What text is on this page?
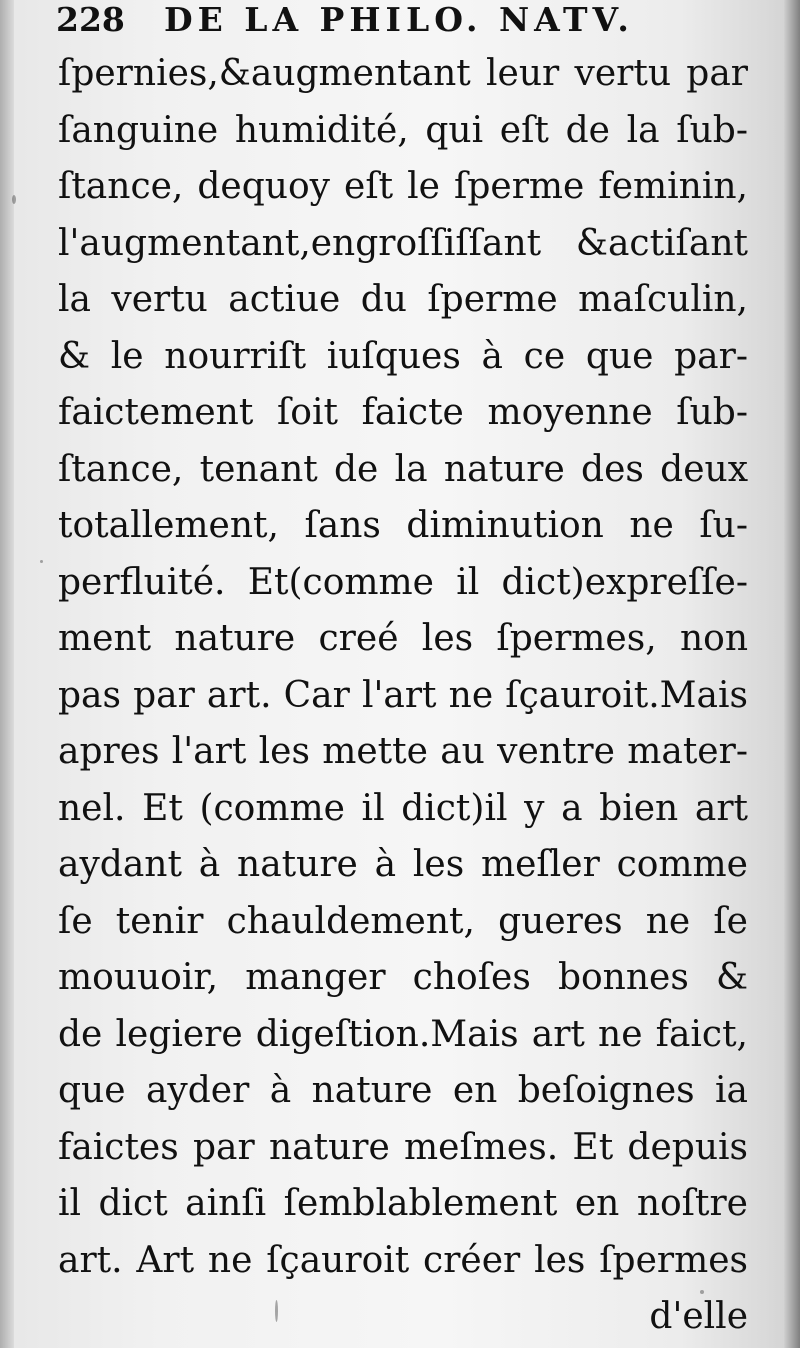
228 DE LA PHILO. NATV.
ſpernies,&augmentant leur vertu par
ſanguine humidité, qui eſt de la ſub-
ſtance, dequoy eſt le ſperme feminin,
l'augmentant,engroſſiſſant &actiſant
la vertu actiue du ſperme maſculin,
& le nourriſt iuſques à ce que par-
faictement ſoit faicte moyenne ſub-
ſtance, tenant de la nature des deux
totallement, ſans diminution ne ſu-
perfluité. Et(comme il dict)expreſſe-
ment nature creé les ſpermes, non
pas par art. Car l'art ne ſçauroit.Mais
apres l'art les mette au ventre mater-
nel. Et (comme il dict)il y a bien art
aydant à nature à les meſler comme
ſe tenir chauldement, gueres ne ſe
mouuoir, manger choſes bonnes &
de legiere digeſtion.Mais art ne faict,
que ayder à nature en beſoignes ia
faictes par nature meſmes. Et depuis
il dict ainſi ſemblablement en noſtre
art. Art ne ſçauroit créer les ſpermes
d'elle
